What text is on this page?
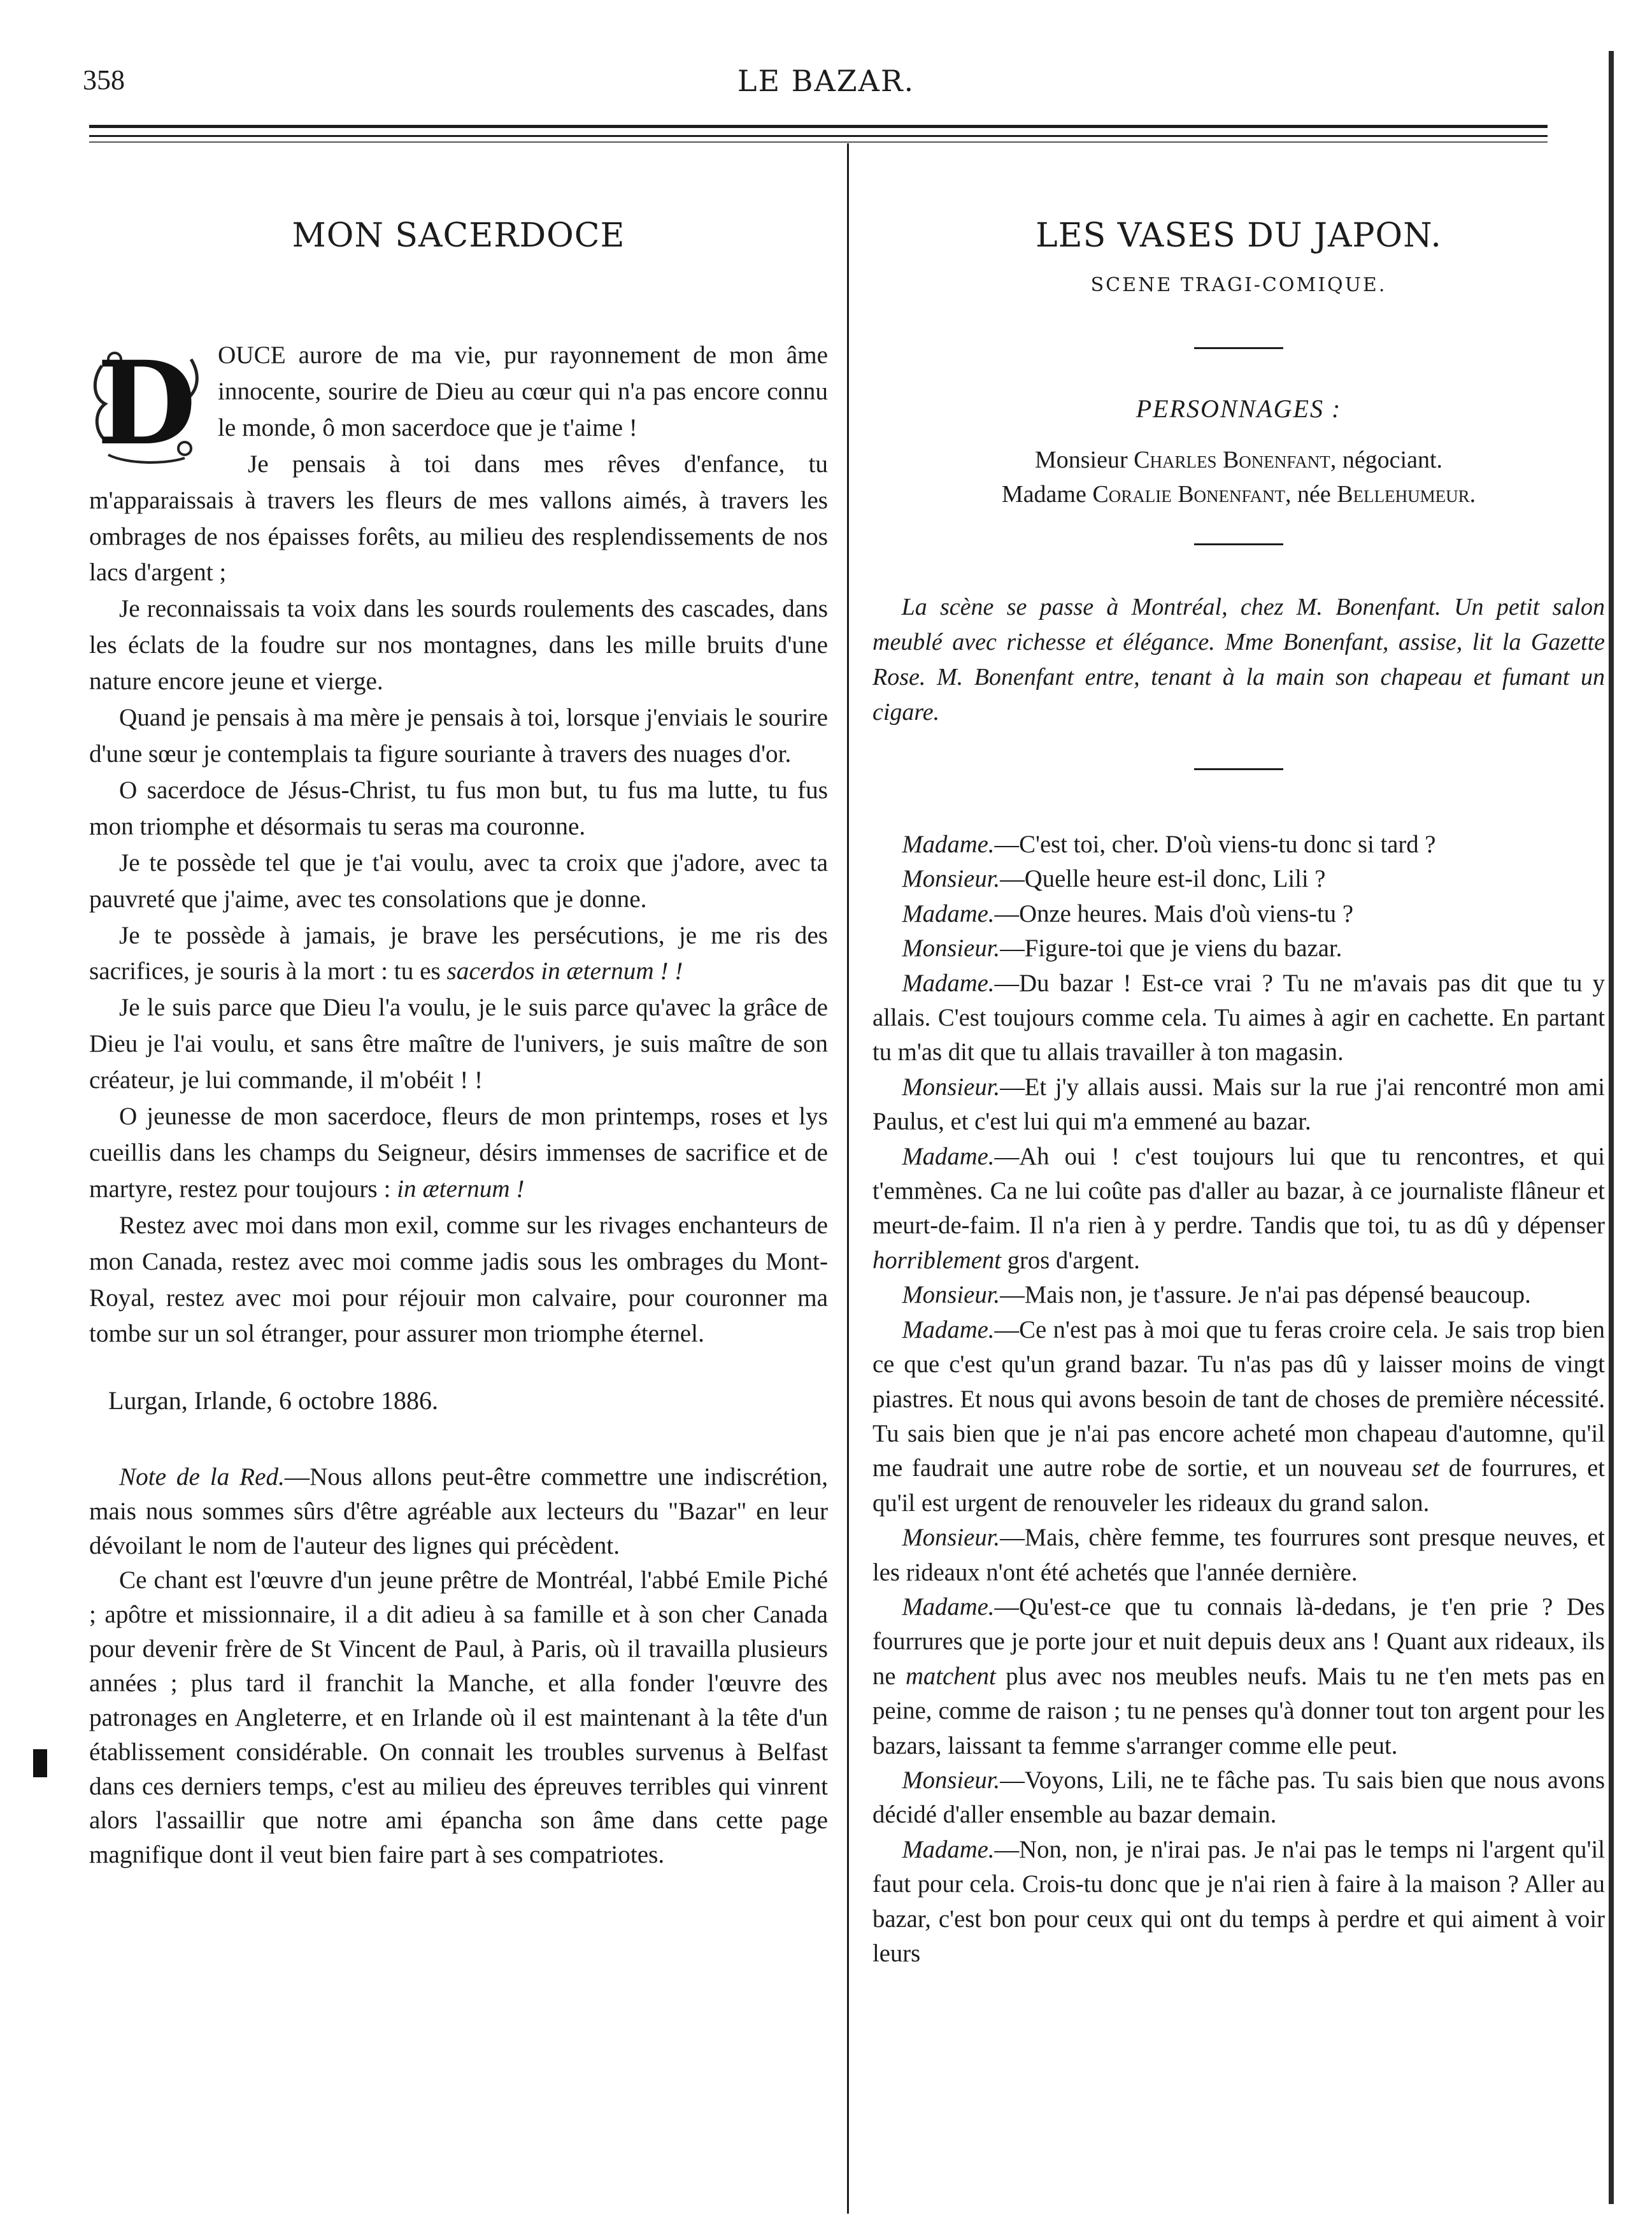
358	LE BAZAR.
MON SACERDOCE
D OUCE aurore de ma vie, pur rayonnement de mon âme innocente, sourire de Dieu au cœur qui n'a pas encore connu le monde, ô mon sacerdoce que je t'aime !

Je pensais à toi dans mes rêves d'enfance, tu m'apparaissais à travers les fleurs de mes vallons aimés, à travers les ombrages de nos épaisses forêts, au milieu des resplendissements de nos lacs d'argent ;

Je reconnaissais ta voix dans les sourds roulements des cascades, dans les éclats de la foudre sur nos montagnes, dans les mille bruits d'une nature encore jeune et vierge.

Quand je pensais à ma mère je pensais à toi, lorsque j'enviais le sourire d'une sœur je contemplais ta figure souriante à travers des nuages d'or.

O sacerdoce de Jésus-Christ, tu fus mon but, tu fus ma lutte, tu fus mon triomphe et désormais tu seras ma couronne.

Je te possède tel que je t'ai voulu, avec ta croix que j'adore, avec ta pauvreté que j'aime, avec tes consolations que je donne.

Je te possède à jamais, je brave les persécutions, je me ris des sacrifices, je souris à la mort : tu es sacerdos in æternum ! !

Je le suis parce que Dieu l'a voulu, je le suis parce qu'avec la grâce de Dieu je l'ai voulu, et sans être maître de l'univers, je suis maître de son créateur, je lui commande, il m'obéit ! !

O jeunesse de mon sacerdoce, fleurs de mon printemps, roses et lys cueillis dans les champs du Seigneur, désirs immenses de sacrifice et de martyre, restez pour toujours : in æternum !

Restez avec moi dans mon exil, comme sur les rivages enchanteurs de mon Canada, restez avec moi comme jadis sous les ombrages du Mont-Royal, restez avec moi pour réjouir mon calvaire, pour couronner ma tombe sur un sol étranger, pour assurer mon triomphe éternel.

Lurgan, Irlande, 6 octobre 1886.

Note de la Red.—Nous allons peut-être commettre une indiscrétion, mais nous sommes sûrs d'être agréable aux lecteurs du "Bazar" en leur dévoilant le nom de l'auteur des lignes qui précèdent.

Ce chant est l'œuvre d'un jeune prêtre de Montréal, l'abbé Emile Piché ; apôtre et missionnaire, il a dit adieu à sa famille et à son cher Canada pour devenir frère de St Vincent de Paul, à Paris, où il travailla plusieurs années ; plus tard il franchit la Manche, et alla fonder l'œuvre des patronages en Angleterre, et en Irlande où il est maintenant à la tête d'un établissement considérable. On connait les troubles survenus à Belfast dans ces derniers temps, c'est au milieu des épreuves terribles qui vinrent alors l'assaillir que notre ami épancha son âme dans cette page magnifique dont il veut bien faire part à ses compatriotes.

LES VASES DU JAPON.
SCENE TRAGI-COMIQUE.
PERSONNAGES :
Monsieur Charles Bonenfant, négociant.
Madame Coralie Bonenfant, née Bellehumeur.
La scène se passe à Montréal, chez M. Bonenfant. Un petit salon meublé avec richesse et élégance. Mme Bonenfant, assise, lit la Gazette Rose. M. Bonenfant entre, tenant à la main son chapeau et fumant un cigare.

Madame.—C'est toi, cher. D'où viens-tu donc si tard ?

Monsieur.—Quelle heure est-il donc, Lili ?

Madame.—Onze heures. Mais d'où viens-tu ?

Monsieur.—Figure-toi que je viens du bazar.

Madame.—Du bazar ! Est-ce vrai ? Tu ne m'avais pas dit que tu y allais. C'est toujours comme cela. Tu aimes à agir en cachette. En partant tu m'as dit que tu allais travailler à ton magasin.

Monsieur.—Et j'y allais aussi. Mais sur la rue j'ai rencontré mon ami Paulus, et c'est lui qui m'a emmené au bazar.

Madame.—Ah oui ! c'est toujours lui que tu rencontres, et qui t'emmènes. Ca ne lui coûte pas d'aller au bazar, à ce journaliste flâneur et meurt-de-faim. Il n'a rien à y perdre. Tandis que toi, tu as dû y dépenser horriblement gros d'argent.

Monsieur.—Mais non, je t'assure. Je n'ai pas dépensé beaucoup.

Madame.—Ce n'est pas à moi que tu feras croire cela. Je sais trop bien ce que c'est qu'un grand bazar. Tu n'as pas dû y laisser moins de vingt piastres. Et nous qui avons besoin de tant de choses de première nécessité. Tu sais bien que je n'ai pas encore acheté mon chapeau d'automne, qu'il me faudrait une autre robe de sortie, et un nouveau set de fourrures, et qu'il est urgent de renouveler les rideaux du grand salon.

Monsieur.—Mais, chère femme, tes fourrures sont presque neuves, et les rideaux n'ont été achetés que l'année dernière.

Madame.—Qu'est-ce que tu connais là-dedans, je t'en prie ? Des fourrures que je porte jour et nuit depuis deux ans ! Quant aux rideaux, ils ne matchent plus avec nos meubles neufs. Mais tu ne t'en mets pas en peine, comme de raison ; tu ne penses qu'à donner tout ton argent pour les bazars, laissant ta femme s'arranger comme elle peut.

Monsieur.—Voyons, Lili, ne te fâche pas. Tu sais bien que nous avons décidé d'aller ensemble au bazar demain.

Madame.—Non, non, je n'irai pas. Je n'ai pas le temps ni l'argent qu'il faut pour cela. Crois-tu donc que je n'ai rien à faire à la maison ? Aller au bazar, c'est bon pour ceux qui ont du temps à perdre et qui aiment à voir leurs
